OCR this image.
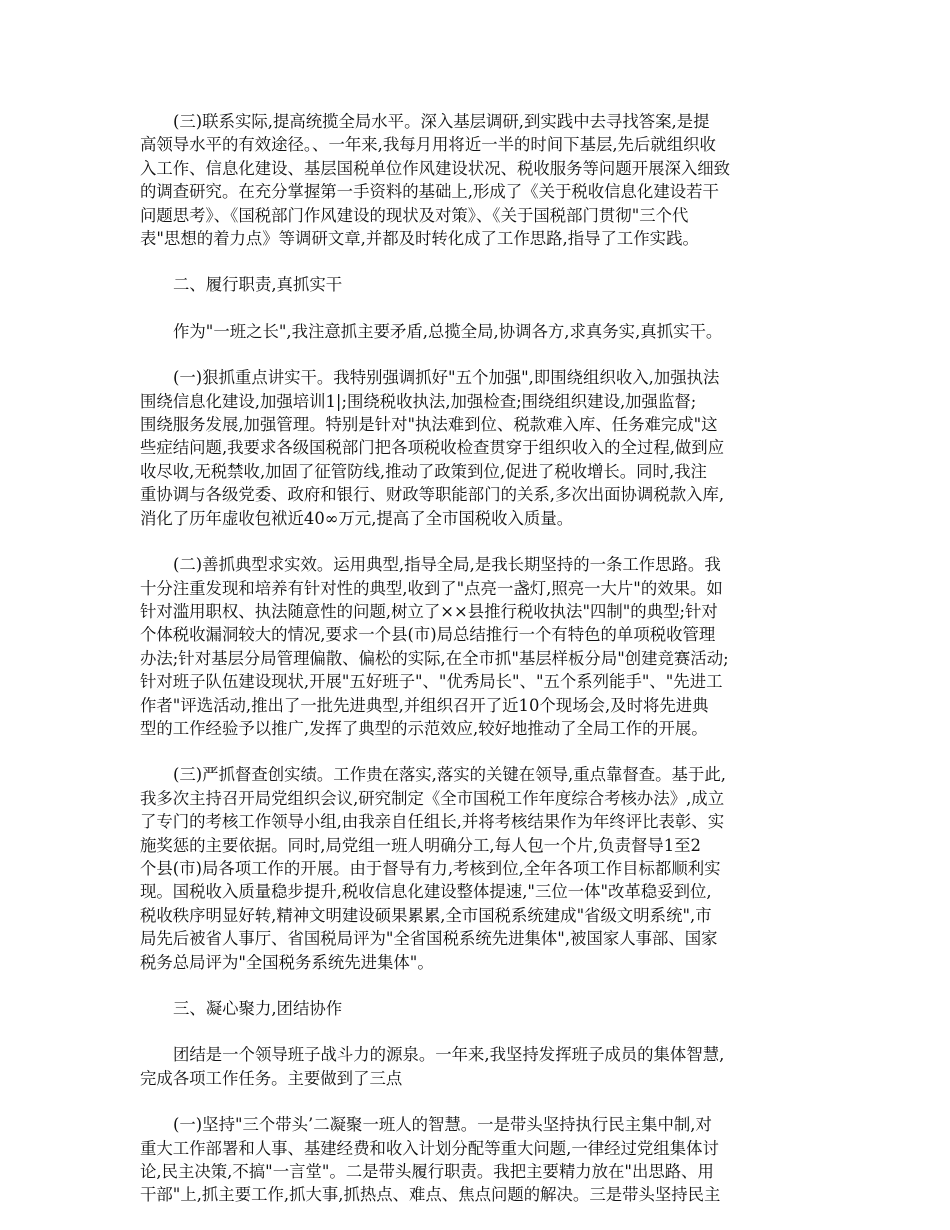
(三)联系实际,提高统揽全局水平。深入基层调研,到实践中去寻找答案,是提
高领导水平的有效途径。、一年来,我每月用将近一半的时间下基层,先后就组织收
入工作、信息化建设、基层国税单位作风建设状况、税收服务等问题开展深入细致
的调查研究。在充分掌握第一手资料的基础上,形成了《关于税收信息化建设若干
问题思考》、《国税部门作风建设的现状及对策》、《关于国税部门贯彻"三个代
表"思想的着力点》等调研文章,并都及时转化成了工作思路,指导了工作实践。

二、履行职责,真抓实干

作为"一班之长",我注意抓主要矛盾,总揽全局,协调各方,求真务实,真抓实干。

(一)狠抓重点讲实干。我特别强调抓好"五个加强",即围绕组织收入,加强执法
围绕信息化建设,加强培训1|;围绕税收执法,加强检查;围绕组织建设,加强监督;
围绕服务发展,加强管理。特别是针对"执法难到位、税款难入库、任务难完成"这
些症结问题,我要求各级国税部门把各项税收检查贯穿于组织收入的全过程,做到应
收尽收,无税禁收,加固了征管防线,推动了政策到位,促进了税收增长。同时,我注
重协调与各级党委、政府和银行、财政等职能部门的关系,多次出面协调税款入库,
消化了历年虚收包袱近40∞万元,提高了全市国税收入质量。

(二)善抓典型求实效。运用典型,指导全局,是我长期坚持的一条工作思路。我
十分注重发现和培养有针对性的典型,收到了"点亮一盏灯,照亮一大片"的效果。如
针对滥用职权、执法随意性的问题,树立了××县推行税收执法"四制"的典型;针对
个体税收漏洞较大的情况,要求一个县(市)局总结推行一个有特色的单项税收管理
办法;针对基层分局管理偏散、偏松的实际,在全市抓"基层样板分局"创建竞赛活动;
针对班子队伍建设现状,开展"五好班子"、"优秀局长"、"五个系列能手"、"先进工
作者"评选活动,推出了一批先进典型,并组织召开了近10个现场会,及时将先进典
型的工作经验予以推广,发挥了典型的示范效应,较好地推动了全局工作的开展。

(三)严抓督查创实绩。工作贵在落实,落实的关键在领导,重点靠督查。基于此,
我多次主持召开局党组织会议,研究制定《全市国税工作年度综合考核办法》,成立
了专门的考核工作领导小组,由我亲自任组长,并将考核结果作为年终评比表彰、实
施奖惩的主要依据。同时,局党组一班人明确分工,每人包一个片,负责督导1至2
个县(市)局各项工作的开展。由于督导有力,考核到位,全年各项工作目标都顺利实
现。国税收入质量稳步提升,税收信息化建设整体提速,"三位一体"改革稳妥到位,
税收秩序明显好转,精神文明建设硕果累累,全市国税系统建成"省级文明系统",市
局先后被省人事厅、省国税局评为"全省国税系统先进集体",被国家人事部、国家
税务总局评为"全国税务系统先进集体"。

三、凝心聚力,团结协作

团结是一个领导班子战斗力的源泉。一年来,我坚持发挥班子成员的集体智慧,
完成各项工作任务。主要做到了三点

(一)坚持"三个带头’二凝聚一班人的智慧。一是带头坚持执行民主集中制,对
重大工作部署和人事、基建经费和收入计划分配等重大问题,一律经过党组集体讨
论,民主决策,不搞"一言堂"。二是带头履行职责。我把主要精力放在"出思路、用
干部"上,抓主要工作,抓大事,抓热点、难点、焦点问题的解决。三是带头坚持民主
